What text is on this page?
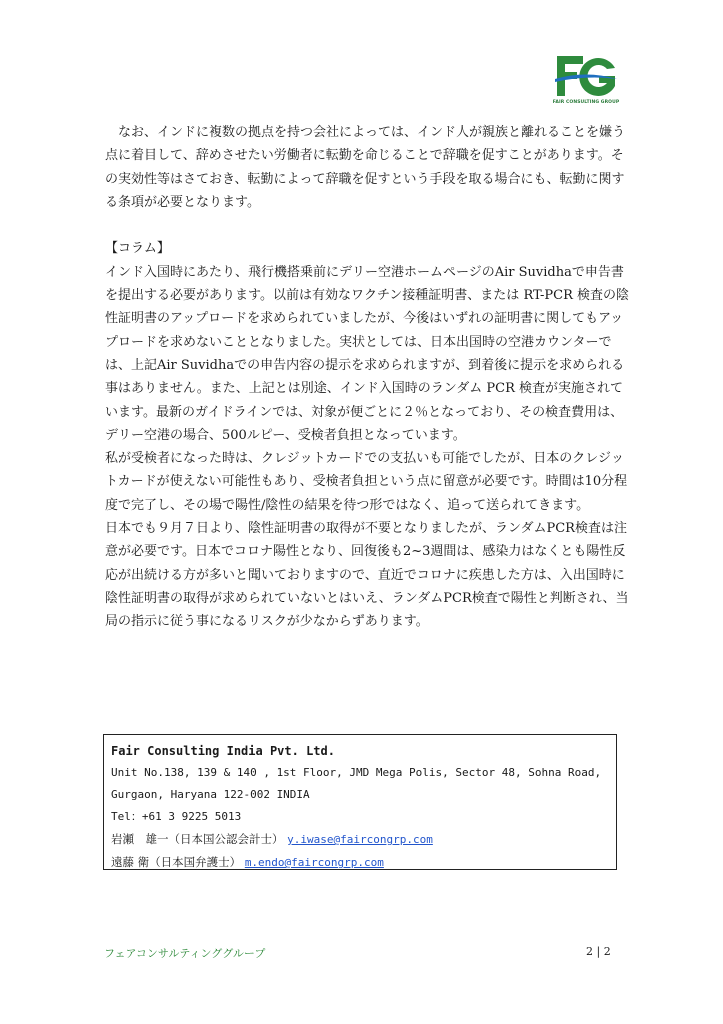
FAIR CONSULTING GROUP

なお、インドに複数の拠点を持つ会社によっては、インド人が親族と離れることを嫌う点に着目して、辞めさせたい労働者に転勤を命じることで辞職を促すことがあります。その実効性等はさておき、転勤によって辞職を促すという手段を取る場合にも、転勤に関する条項が必要となります。

【コラム】

インド入国時にあたり、飛行機搭乗前にデリー空港ホームページのAir Suvidhaで申告書を提出する必要があります。以前は有効なワクチン接種証明書、または RT-PCR 検査の陰性証明書のアップロードを求められていましたが、今後はいずれの証明書に関してもアップロードを求めないこととなりました。実状としては、日本出国時の空港カウンターでは、上記Air Suvidhaでの申告内容の提示を求められますが、到着後に提示を求められる事はありません。また、上記とは別途、インド入国時のランダム PCR 検査が実施されています。最新のガイドラインでは、対象が便ごとに２％となっており、その検査費用は、デリー空港の場合、500ルピー、受検者負担となっています。

私が受検者になった時は、クレジットカードでの支払いも可能でしたが、日本のクレジットカードが使えない可能性もあり、受検者負担という点に留意が必要です。時間は10分程度で完了し、その場で陽性/陰性の結果を待つ形ではなく、追って送られてきます。

日本でも９月７日より、陰性証明書の取得が不要となりましたが、ランダムPCR検査は注意が必要です。日本でコロナ陽性となり、回復後も2~3週間は、感染力はなくとも陽性反応が出続ける方が多いと聞いておりますので、直近でコロナに疾患した方は、入出国時に陰性証明書の取得が求められていないとはいえ、ランダムPCR検査で陽性と判断され、当局の指示に従う事になるリスクが少なからずあります。

Fair Consulting India Pvt. Ltd.
Unit No.138, 139 & 140 , 1st Floor, JMD Mega Polis, Sector 48, Sohna Road,
Gurgaon, Haryana 122-002 INDIA
Tel：+61 3 9225 5013
岩瀬　雄一（日本国公認会計士） y.iwase@faircongrp.com
遠藤 衛（日本国弁護士） m.endo@faircongrp.com
フェアコンサルティンググループ	2 | 2
